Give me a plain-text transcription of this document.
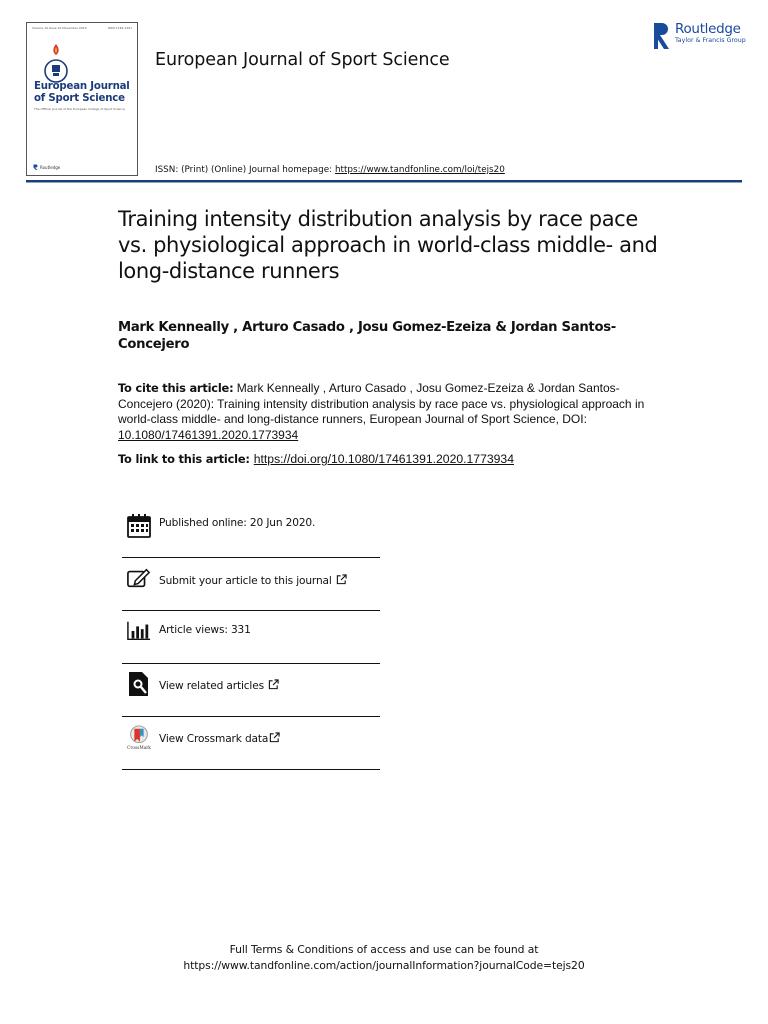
Volume 19 Issue 10 November 2019	ISSN 1746-1391
European Journal of Sport Science
The Official Journal of the European College of Sport Science
Routledge
European Journal of Sport Science
ISSN: (Print) (Online) Journal homepage: https://www.tandfonline.com/loi/tejs20
Routledge
Taylor & Francis Group
Training intensity distribution analysis by race pace vs. physiological approach in world-class middle- and long-distance runners
Mark Kenneally , Arturo Casado , Josu Gomez-Ezeiza & Jordan Santos-Concejero
To cite this article: Mark Kenneally , Arturo Casado , Josu Gomez-Ezeiza & Jordan Santos-Concejero (2020): Training intensity distribution analysis by race pace vs. physiological approach in world-class middle- and long-distance runners, European Journal of Sport Science, DOI: 10.1080/17461391.2020.1773934
To link to this article: https://doi.org/10.1080/17461391.2020.1773934
Published online: 20 Jun 2020.
Submit your article to this journal
Article views: 331
View related articles
CrossMark
View Crossmark data
Full Terms & Conditions of access and use can be found at
https://www.tandfonline.com/action/journalInformation?journalCode=tejs20
